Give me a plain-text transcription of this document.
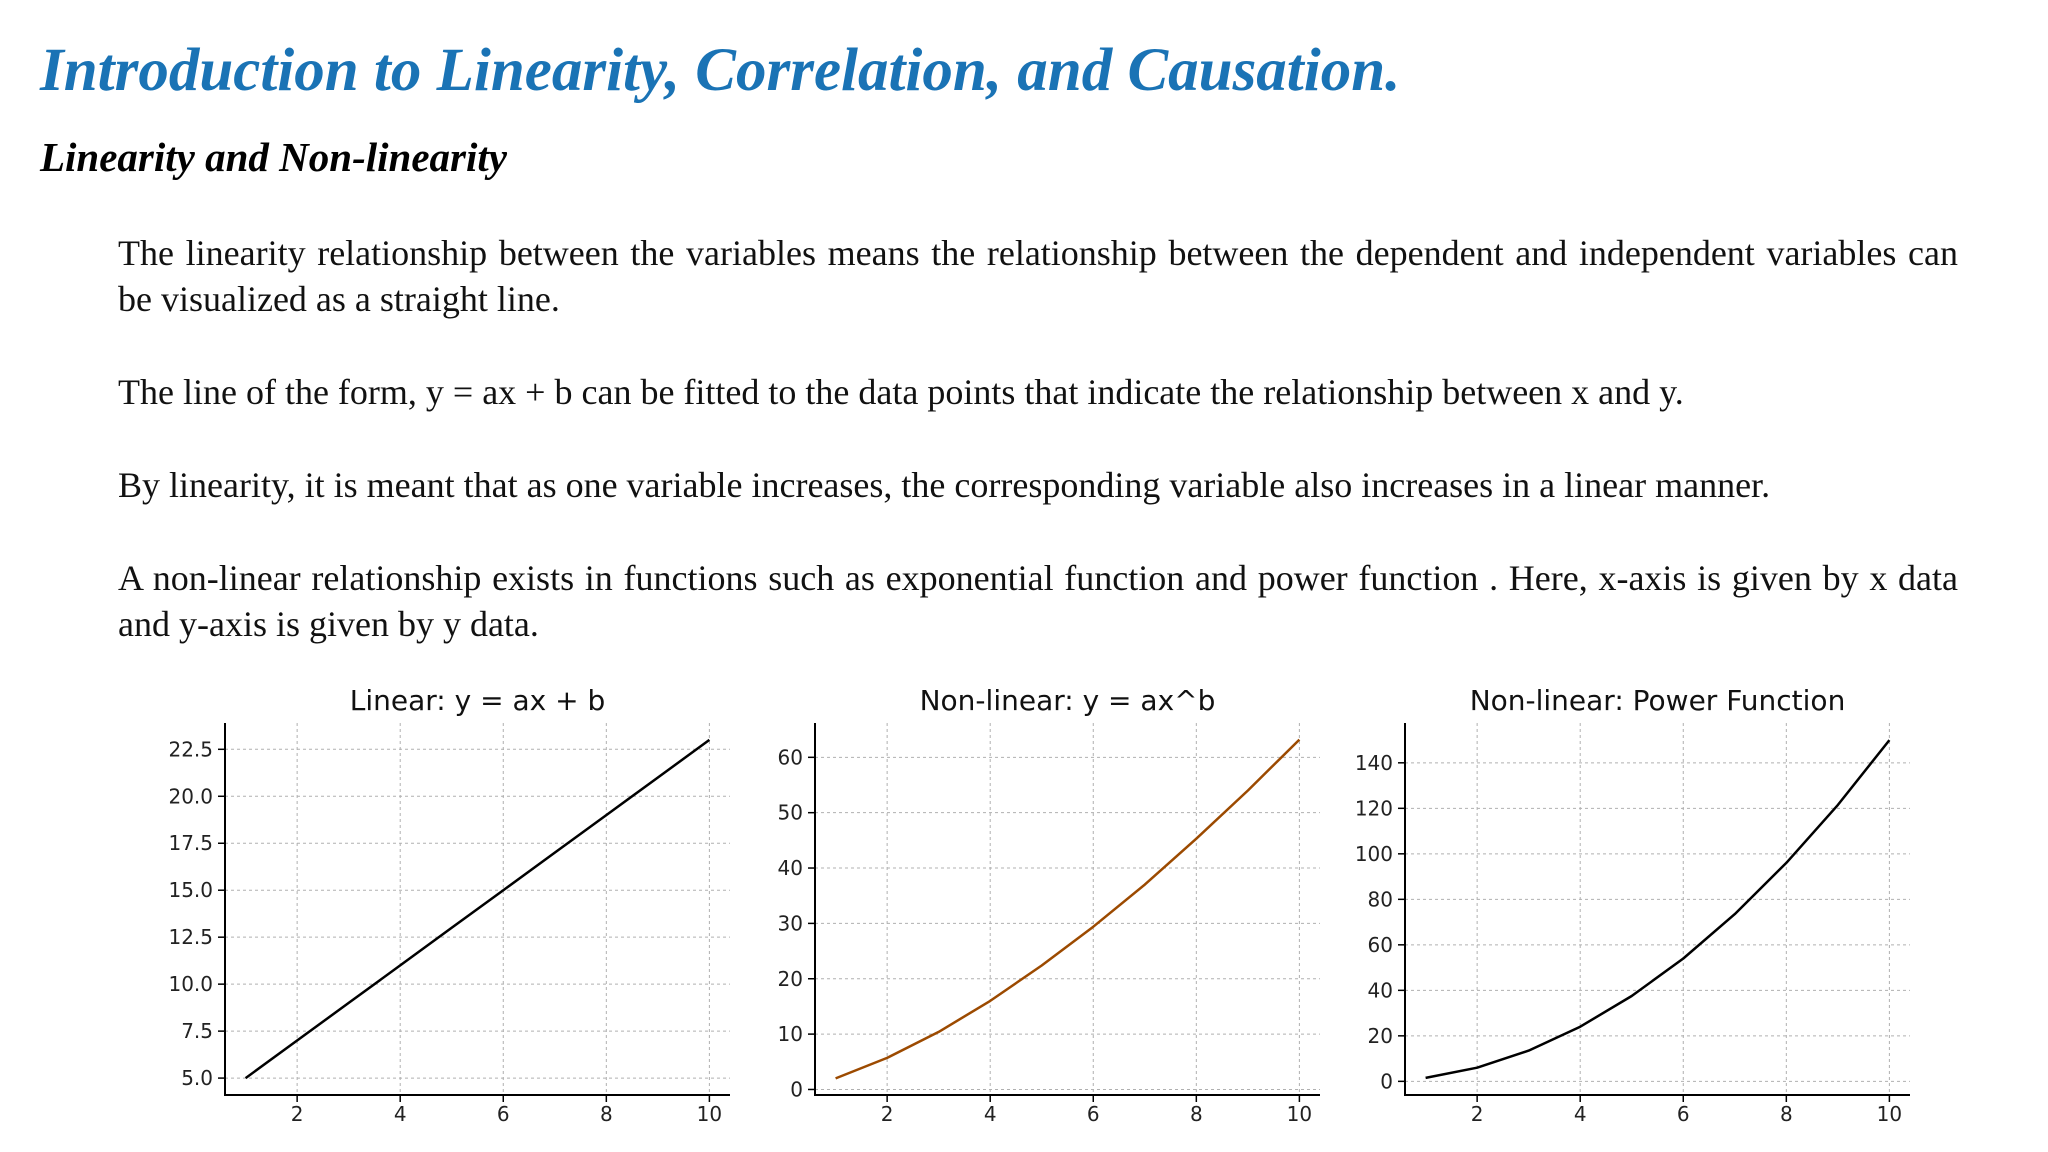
Introduction to Linearity, Correlation, and Causation.
Linearity and Non-linearity

The linearity relationship between the variables means the relationship between the dependent and independent variables can be visualized as a straight line.

The line of the form, y = ax + b can be fitted to the data points that indicate the relationship between x and y.

By linearity, it is meant that as one variable increases, the corresponding variable also increases in a linear manner.

A non-linear relationship exists in functions such as exponential function and power function . Here, x-axis is given by x data and y-axis is given by y data.

Linear: y = ax + b
5.0
7.5
10.0
12.5
15.0
17.5
20.0
22.5
2	4	6	8	10
Non-linear: y = ax^b
0
10
20
30
40
50
60
2	4	6	8	10
Non-linear: Power Function
0
20
40
60
80
100
120
140
2	4	6	8	10
